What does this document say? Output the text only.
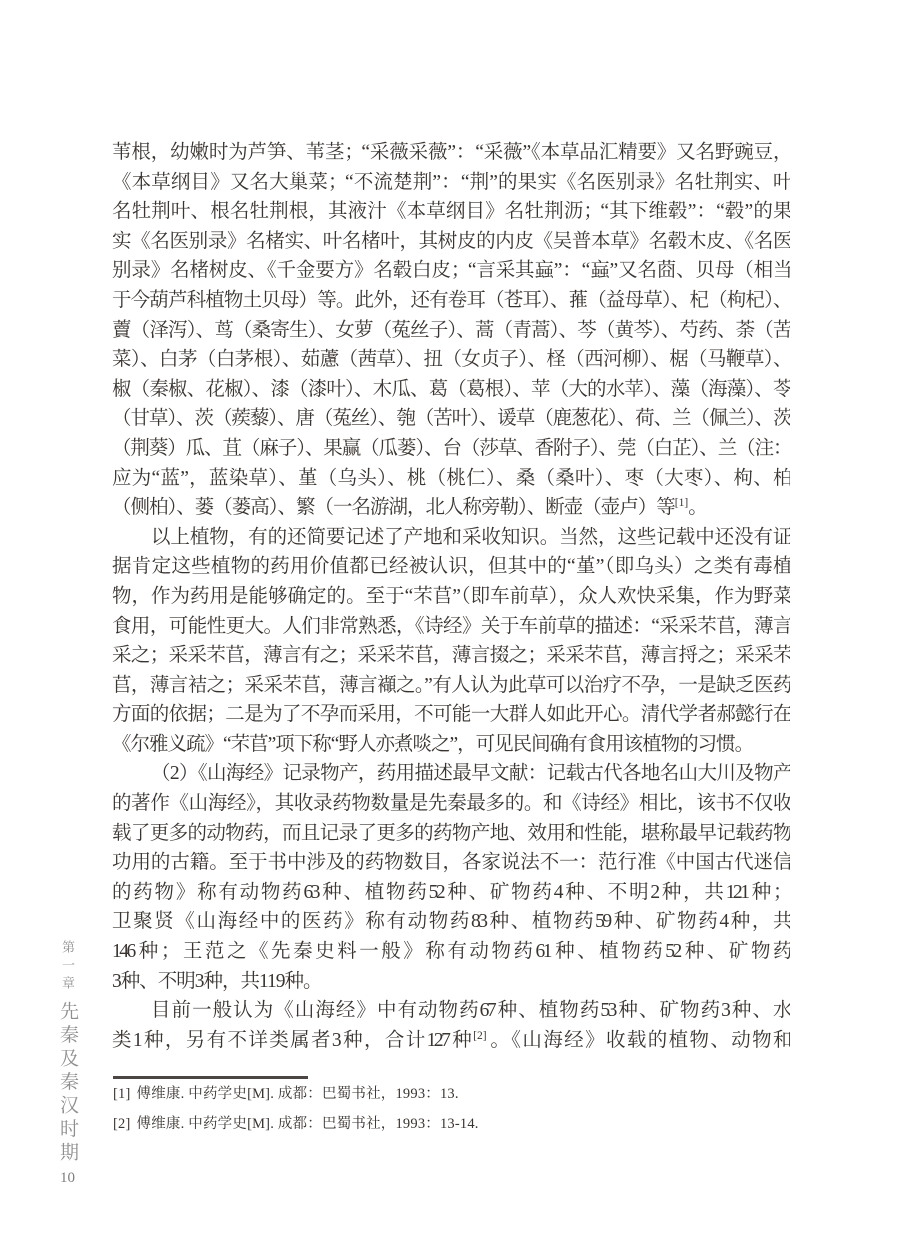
苇根，幼嫩时为芦笋、苇茎；“采薇采薇”：“采薇”《本草品汇精要》又名野豌豆，
《本草纲目》又名大巢菜；“不流楚荆”：“荆”的果实《名医别录》名牡荆实、叶
名牡荆叶、根名牡荆根，其液汁《本草纲目》名牡荆沥；“其下维毂”：“毂”的果
实《名医别录》名楮实、叶名楮叶，其树皮的内皮《吴普本草》名毂木皮、《名医
别录》名楮树皮、《千金要方》名毂白皮；“言采其蝱”：“蝱”又名莔、贝母（相当
于今葫芦科植物土贝母）等。此外，还有卷耳（苍耳）、蓷（益母草）、杞（枸杞）、
藚（泽泻）、茑（桑寄生）、女萝（菟丝子）、蒿（青蒿）、芩（黄芩）、芍药、荼（苦
菜）、白茅（白茅根）、茹藘（茜草）、扭（女贞子）、柽（西河柳）、椐（马鞭草）、
椒（秦椒、花椒）、漆（漆叶）、木瓜、葛（葛根）、苹（大的水苹）、藻（海藻）、苓
（甘草）、茨（蒺藜）、唐（菟丝）、匏（苦叶）、谖草（鹿葱花）、荷、兰（佩兰）、茨
（荆葵）瓜、苴（麻子）、果赢（瓜蒌）、台（莎草、香附子）、莞（白芷）、兰（注：
应为“蓝”，蓝染草）、堇（乌头）、桃（桃仁）、桑（桑叶）、枣（大枣）、枸、柏
（侧柏）、蒌（蒌高）、繁（一名游湖，北人称旁勒）、断壶（壶卢）等[1]。
以上植物，有的还简要记述了产地和采收知识。当然，这些记载中还没有证
据肯定这些植物的药用价值都已经被认识，但其中的“堇”（即乌头）之类有毒植
物，作为药用是能够确定的。至于“芣苢”（即车前草），众人欢快采集，作为野菜
食用，可能性更大。人们非常熟悉，《诗经》关于车前草的描述：“采采芣苢，薄言
采之；采采芣苢，薄言有之；采采芣苢，薄言掇之；采采芣苢，薄言捋之；采采芣
苢，薄言袺之；采采芣苢，薄言襭之。”有人认为此草可以治疗不孕，一是缺乏医药
方面的依据；二是为了不孕而采用，不可能一大群人如此开心。清代学者郝懿行在
《尔雅义疏》“芣苢”项下称“野人亦煮啖之”，可见民间确有食用该植物的习惯。
（2）《山海经》记录物产，药用描述最早文献：记载古代各地名山大川及物产
的著作《山海经》，其收录药物数量是先秦最多的。和《诗经》相比，该书不仅收
载了更多的动物药，而且记录了更多的药物产地、效用和性能，堪称最早记载药物
功用的古籍。至于书中涉及的药物数目，各家说法不一：范行准《中国古代迷信
的药物》称有动物药63种、植物药52种、矿物药4种、不明2种，共121种；
卫聚贤《山海经中的医药》称有动物药83种、植物药59种、矿物药4种，共
146种；王范之《先秦史料一般》称有动物药61种、植物药52种、矿物药
3种、不明3种，共119种。
目前一般认为《山海经》中有动物药67种、植物药53种、矿物药3种、水
类1种，另有不详类属者3种，合计127种[2]。《山海经》收载的植物、动物和
[1] 傅维康. 中药学史[M]. 成都：巴蜀书社，1993：13.
[2] 傅维康. 中药学史[M]. 成都：巴蜀书社，1993：13-14.
第一章
先秦及秦汉时期
10
